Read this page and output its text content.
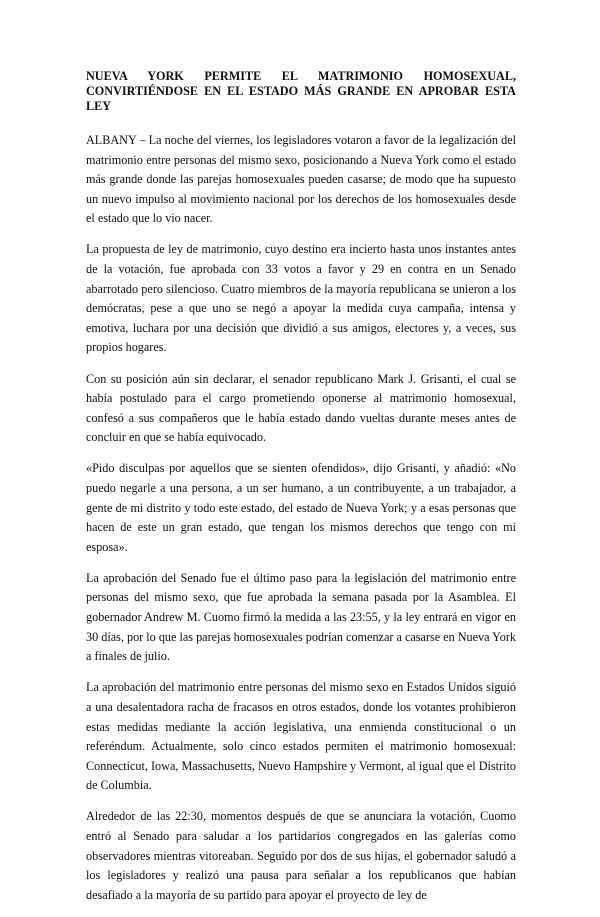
NUEVA YORK PERMITE EL MATRIMONIO HOMOSEXUAL, CONVIRTIÉNDOSE EN EL ESTADO MÁS GRANDE EN APROBAR ESTA LEY

ALBANY – La noche del viernes, los legisladores votaron a favor de la legalización del matrimonio entre personas del mismo sexo, posicionando a Nueva York como el estado más grande donde las parejas homosexuales pueden casarse; de modo que ha supuesto un nuevo impulso al movimiento nacional por los derechos de los homosexuales desde el estado que lo vio nacer.

La propuesta de ley de matrimonio, cuyo destino era incierto hasta unos instantes antes de la votación, fue aprobada con 33 votos a favor y 29 en contra en un Senado abarrotado pero silencioso. Cuatro miembros de la mayoría republicana se unieron a los demócratas, pese a que uno se negó a apoyar la medida cuya campaña, intensa y emotiva, luchara por una decisión que dividió a sus amigos, electores y, a veces, sus propios hogares.

Con su posición aún sin declarar, el senador republicano Mark J. Grisanti, el cual se había postulado para el cargo prometiendo oponerse al matrimonio homosexual, confesó a sus compañeros que le había estado dando vueltas durante meses antes de concluir en que se había equivocado.

«Pido disculpas por aquellos que se sienten ofendidos», dijo Grisanti, y añadió: «No puedo negarle a una persona, a un ser humano, a un contribuyente, a un trabajador, a gente de mi distrito y todo este estado, del estado de Nueva York; y a esas personas que hacen de este un gran estado, que tengan los mismos derechos que tengo con mi esposa».

La aprobación del Senado fue el último paso para la legislación del matrimonio entre personas del mismo sexo, que fue aprobada la semana pasada por la Asamblea. El gobernador Andrew M. Cuomo firmó la medida a las 23:55, y la ley entrará en vigor en 30 días, por lo que las parejas homosexuales podrían comenzar a casarse en Nueva York a finales de julio.

La aprobación del matrimonio entre personas del mismo sexo en Estados Unidos siguió a una desalentadora racha de fracasos en otros estados, donde los votantes prohibieron estas medidas mediante la acción legislativa, una enmienda constitucional o un referéndum. Actualmente, solo cinco estados permiten el matrimonio homosexual: Connecticut, Iowa, Massachusetts, Nuevo Hampshire y Vermont, al igual que el Distrito de Columbia.

Alrededor de las 22:30, momentos después de que se anunciara la votación, Cuomo entró al Senado para saludar a los partidarios congregados en las galerías como observadores mientras vitoreaban. Seguido por dos de sus hijas, el gobernador saludó a los legisladores y realizó una pausa para señalar a los republicanos que habían desafiado a la mayoría de su partido para apoyar el proyecto de ley de
